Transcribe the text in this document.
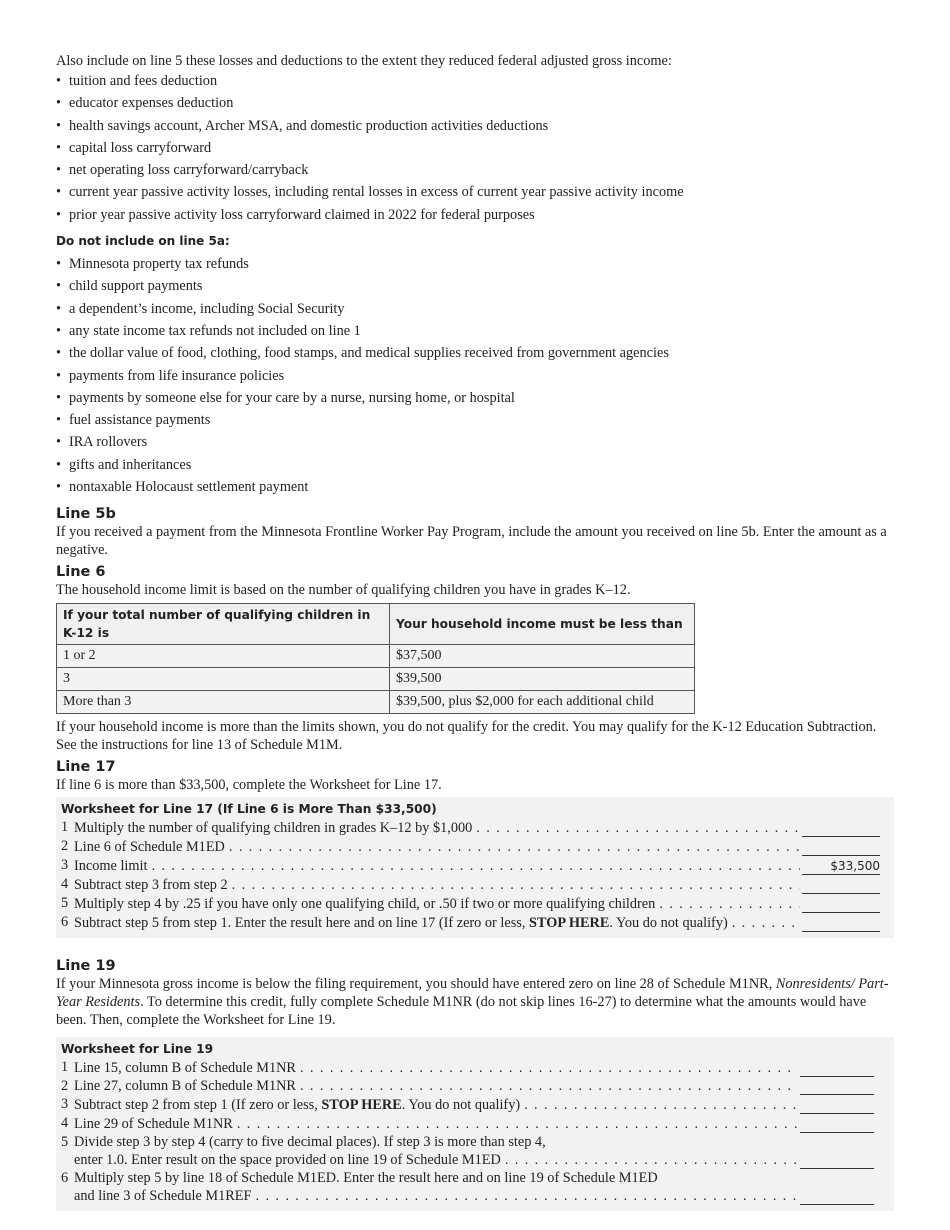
Also include on line 5 these losses and deductions to the extent they reduced federal adjusted gross income:

• tuition and fees deduction
• educator expenses deduction
• health savings account, Archer MSA, and domestic production activities deductions
• capital loss carryforward
• net operating loss carryforward/carryback
• current year passive activity losses, including rental losses in excess of current year passive activity income
• prior year passive activity loss carryforward claimed in 2022 for federal purposes
Do not include on line 5a:
• Minnesota property tax refunds
• child support payments
• a dependent’s income, including Social Security
• any state income tax refunds not included on line 1
• the dollar value of food, clothing, food stamps, and medical supplies received from government agencies
• payments from life insurance policies
• payments by someone else for your care by a nurse, nursing home, or hospital
• fuel assistance payments
• IRA rollovers
• gifts and inheritances
• nontaxable Holocaust settlement payment
Line 5b

If you received a payment from the Minnesota Frontline Worker Pay Program, include the amount you received on line 5b. Enter the amount as a negative.

Line 6

The household income limit is based on the number of qualifying children you have in grades K–12.

If your total number of qualifying children in K-12 is	Your household income must be less than
1 or 2	$37,500
3	$39,500
More than 3	$39,500, plus $2,000 for each additional child

If your household income is more than the limits shown, you do not qualify for the credit. You may qualify for the K-12 Education Subtraction. See the instructions for line 13 of Schedule M1M.

Line 17

If line 6 is more than $33,500, complete the Worksheet for Line 17.

Worksheet for Line 17 (If Line 6 is More Than $33,500)
1 Multiply the number of qualifying children in grades K–12 by $1,000
. . .
2 Line 6 of Schedule M1ED
. . .
3 Income limit . . .	$33,500
4 Subtract step 3 from step 2
. . .
5 Multiply step 4 by .25 if you have only one qualifying child, or .50 if two or more qualifying children
. . .
6 Subtract step 5 from step 1. Enter the result here and on line 17 (If zero or less, STOP HERE. You do not qualify)
. . .
Line 19

If your Minnesota gross income is below the filing requirement, you should have entered zero on line 28 of Schedule M1NR, Nonresidents/ Part-Year Residents. To determine this credit, fully complete Schedule M1NR (do not skip lines 16-27) to determine what the amounts would have been. Then, complete the Worksheet for Line 19.

Worksheet for Line 19
1 Line 15, column B of Schedule M1NR
. . .
2 Line 27, column B of Schedule M1NR
. . .
3 Subtract step 2 from step 1 (If zero or less, STOP HERE. You do not qualify)
. . .
4 Line 29 of Schedule M1NR
. . .
5 Divide step 3 by step 4 (carry to five decimal places). If step 3 is more than step 4,
enter 1.0. Enter result on the space provided on line 19 of Schedule M1ED
. . .
6 Multiply step 5 by line 18 of Schedule M1ED. Enter the result here and on line 19 of Schedule M1ED
and line 3 of Schedule M1REF
. . .
